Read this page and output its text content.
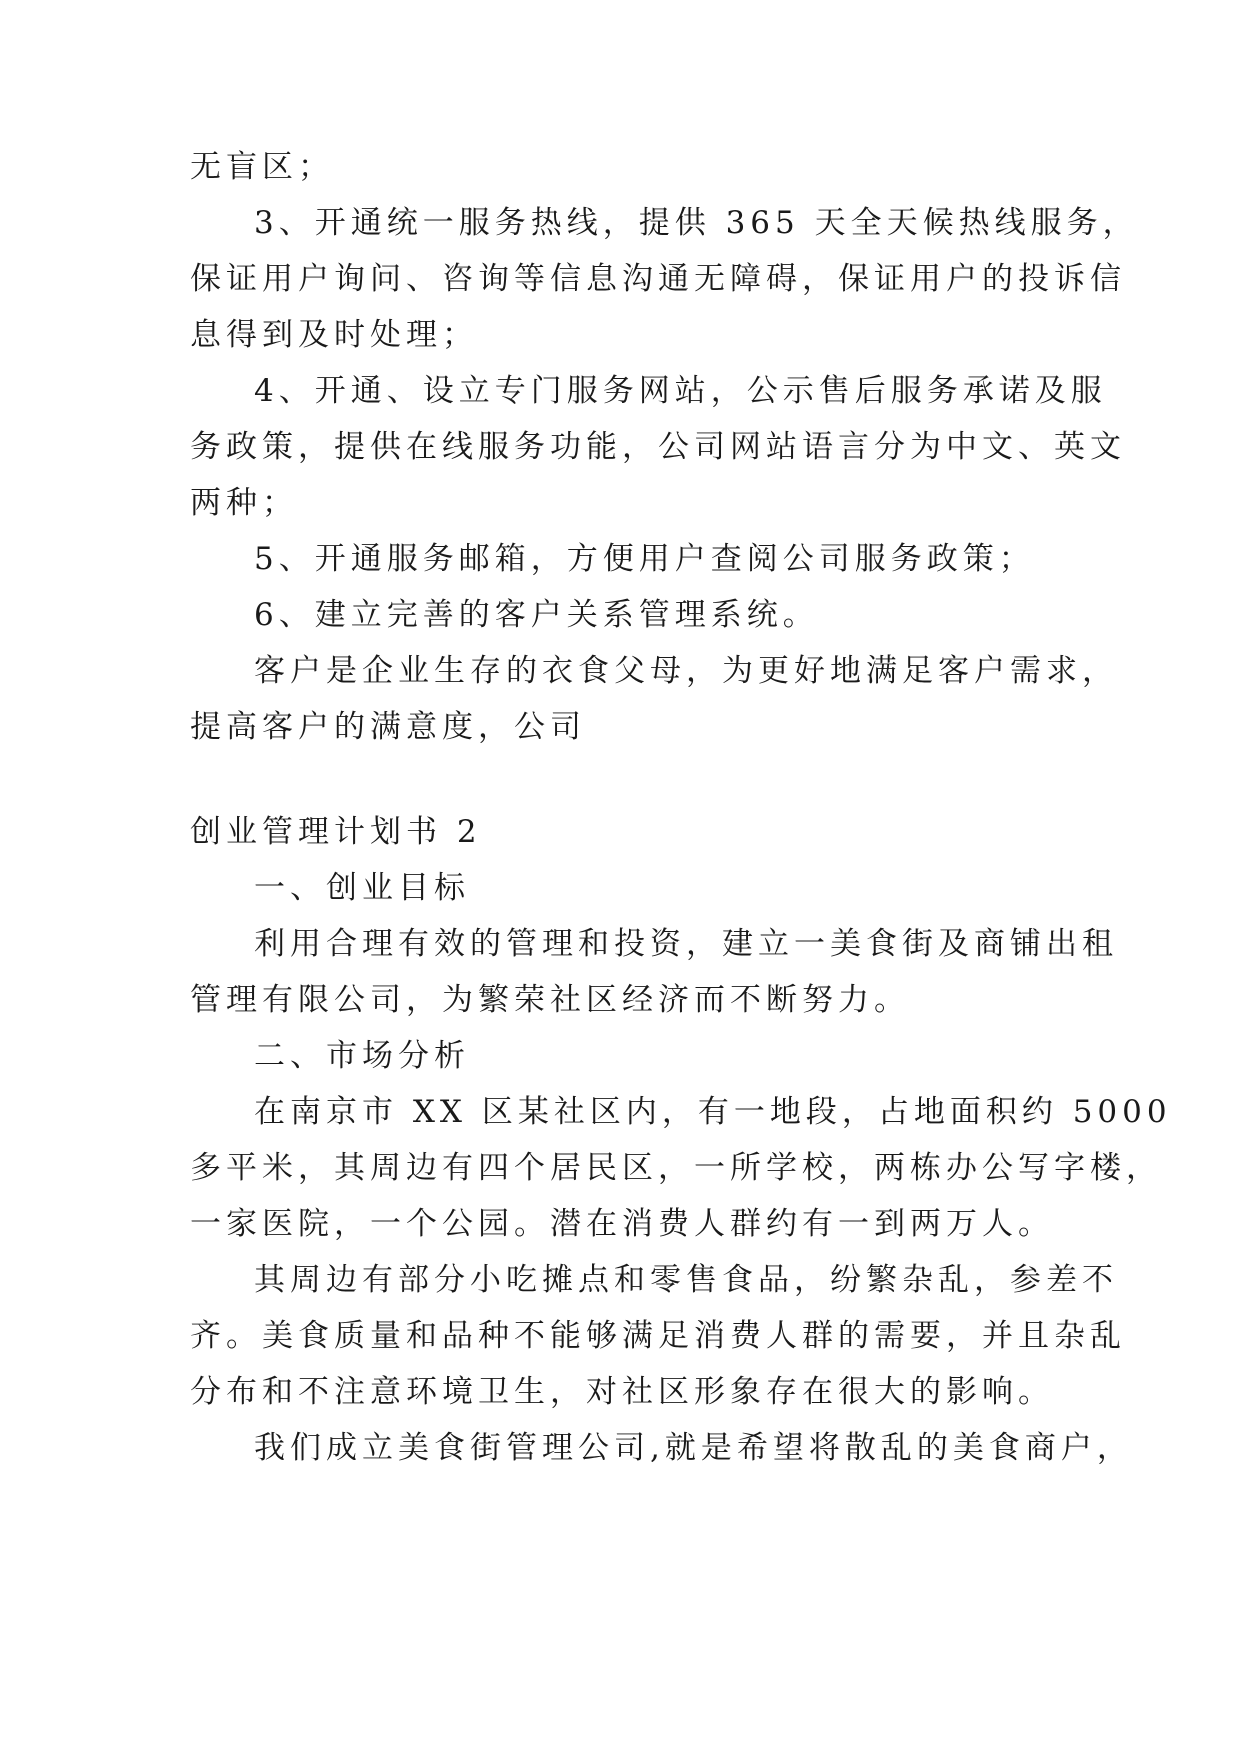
无盲区；
3、开通统一服务热线，提供 365 天全天候热线服务，
保证用户询问、咨询等信息沟通无障碍，保证用户的投诉信
息得到及时处理；
4、开通、设立专门服务网站，公示售后服务承诺及服
务政策，提供在线服务功能，公司网站语言分为中文、英文
两种；
5、开通服务邮箱，方便用户查阅公司服务政策；
6、建立完善的客户关系管理系统。
客户是企业生存的衣食父母，为更好地满足客户需求，
提高客户的满意度，公司
创业管理计划书 2
一、创业目标
利用合理有效的管理和投资，建立一美食街及商铺出租
管理有限公司，为繁荣社区经济而不断努力。
二、市场分析
在南京市 XX 区某社区内，有一地段，占地面积约 5000
多平米，其周边有四个居民区，一所学校，两栋办公写字楼，
一家医院，一个公园。潜在消费人群约有一到两万人。
其周边有部分小吃摊点和零售食品，纷繁杂乱，参差不
齐。美食质量和品种不能够满足消费人群的需要，并且杂乱
分布和不注意环境卫生，对社区形象存在很大的影响。
我们成立美食街管理公司,就是希望将散乱的美食商户，
